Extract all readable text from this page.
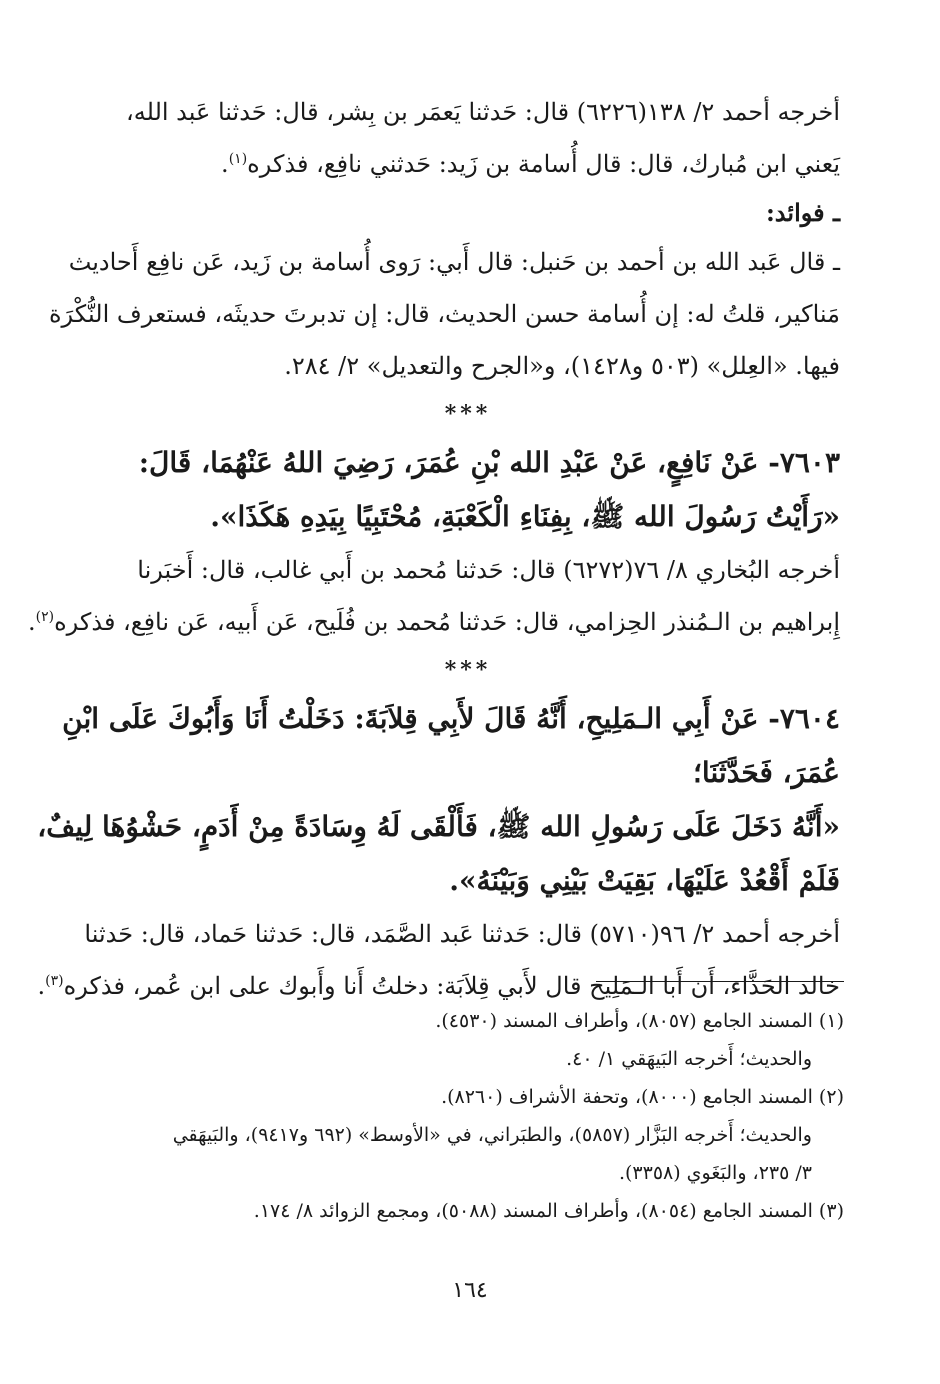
أخرجه أحمد ٢/ ١٣٨(٦٢٢٦) قال: حَدثنا يَعمَر بن بِشر، قال: حَدثنا عَبد الله،
يَعني ابن مُبارك، قال: قال أُسامة بن زَيد: حَدثني نافِع، فذكره$^{(١)}$.
ـ فوائد:
ـ قال عَبد الله بن أحمد بن حَنبل: قال أَبي: رَوى أُسامة بن زَيد، عَن نافِع أَحاديث
مَناكير، قلتُ له: إن أُسامة حسن الحديث، قال: إن تدبرتَ حديثَه، فستعرف النُّكْرَة
فيها. «العِلل» (٥٠٣ و١٤٢٨)، و«الجرح والتعديل» ٢/ ٢٨٤.
***
٧٦٠٣- عَنْ نَافِعٍ، عَنْ عَبْدِ الله بْنِ عُمَرَ، رَضِيَ اللهُ عَنْهُمَا، قَالَ:
«رَأَيْتُ رَسُولَ الله ﷺ، بِفِنَاءِ الْكَعْبَةِ، مُحْتَبِيًا بِيَدِهِ هَكَذَا».
أخرجه البُخاري ٨/ ٧٦(٦٢٧٢) قال: حَدثنا مُحمد بن أَبي غالب، قال: أَخبَرنا
إِبراهيم بن الـمُنذر الحِزامي، قال: حَدثنا مُحمد بن فُلَيح، عَن أَبيه، عَن نافِع، فذكره$^{(٢)}$.
***
٧٦٠٤- عَنْ أَبِي الـمَلِيحِ، أَنَّهُ قَالَ لأَبِي قِلاَبَةَ: دَخَلْتُ أَنَا وَأَبُوكَ عَلَى ابْنِ
عُمَرَ، فَحَدَّثَنَا؛
«أَنَّهُ دَخَلَ عَلَى رَسُولِ الله ﷺ، فَأَلْقَى لَهُ وِسَادَةً مِنْ أَدَمٍ، حَشْوُهَا لِيفٌ،
فَلَمْ أَقْعُدْ عَلَيْهَا، بَقِيَتْ بَيْنِي وَبَيْنَهُ».
أخرجه أحمد ٢/ ٩٦(٥٧١٠) قال: حَدثنا عَبد الصَّمَد، قال: حَدثنا حَماد، قال: حَدثنا
خالد الحَذَّاء، أَن أَبا الـمَلِيح قال لأَبي قِلاَبَة: دخلتُ أَنا وأَبوك على ابن عُمر، فذكره$^{(٣)}$.
(١) المسند الجامع (٨٠٥٧)، وأطراف المسند (٤٥٣٠).
والحديث؛ أَخرجه البَيهَقي ١/ ٤٠.
(٢) المسند الجامع (٨٠٠٠)، وتحفة الأشراف (٨٢٦٠).
والحديث؛ أَخرجه البَزَّار (٥٨٥٧)، والطبَراني، في «الأوسط» (٦٩٢ و٩٤١٧)، والبَيهَقي
٣/ ٢٣٥، والبَغَوي (٣٣٥٨).
(٣) المسند الجامع (٨٠٥٤)، وأطراف المسند (٥٠٨٨)، ومجمع الزوائد ٨/ ١٧٤.
١٦٤
